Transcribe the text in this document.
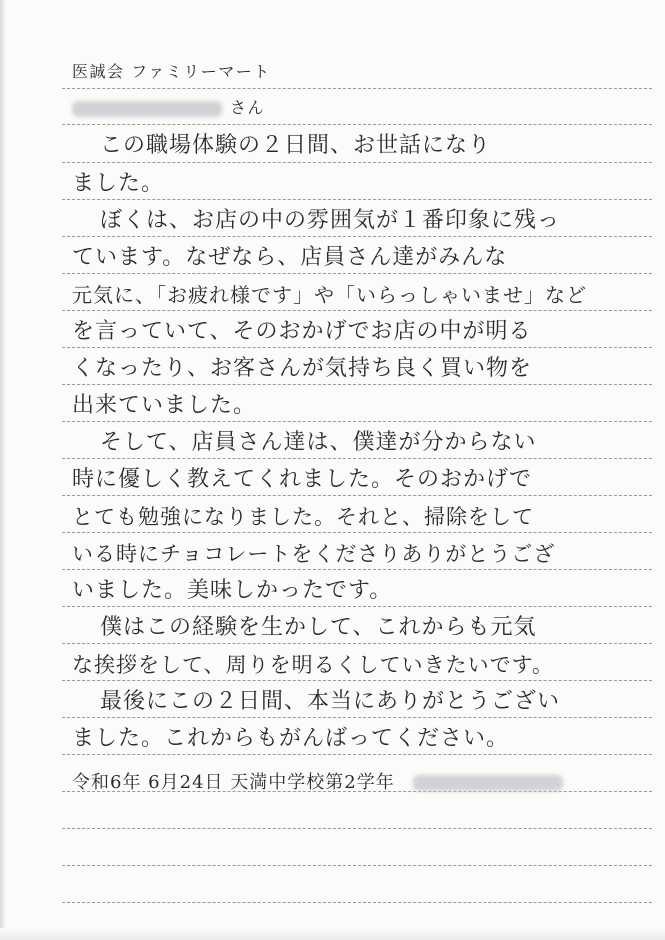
医誠会 ファミリーマート
さん
この職場体験の２日間、お世話になり
ました。
ぼくは、お店の中の雰囲気が１番印象に残っ
ています。なぜなら、店員さん達がみんな
元気に、「お疲れ様です」や「いらっしゃいませ」など
を言っていて、そのおかげでお店の中が明る
くなったり、お客さんが気持ち良く買い物を
出来ていました。
そして、店員さん達は、僕達が分からない
時に優しく教えてくれました。そのおかげで
とても勉強になりました。それと、掃除をして
いる時にチョコレートをくださりありがとうござ
いました。美味しかったです。
僕はこの経験を生かして、これからも元気
な挨拶をして、周りを明るくしていきたいです。
最後にこの２日間、本当にありがとうござい
ました。これからもがんばってください。
令和6年 6月24日 天満中学校第2学年
